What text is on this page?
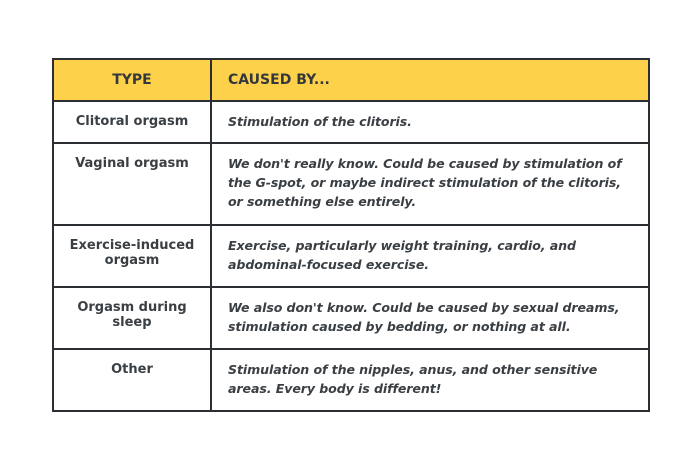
TYPE	CAUSED BY...
Clitoral orgasm	Stimulation of the clitoris.
Vaginal orgasm	We don't really know. Could be caused by stimulation of the G-spot, or maybe indirect stimulation of the clitoris, or something else entirely.
Exercise-induced orgasm	Exercise, particularly weight training, cardio, and abdominal-focused exercise.
Orgasm during sleep	We also don't know. Could be caused by sexual dreams, stimulation caused by bedding, or nothing at all.
Other	Stimulation of the nipples, anus, and other sensitive areas. Every body is different!
